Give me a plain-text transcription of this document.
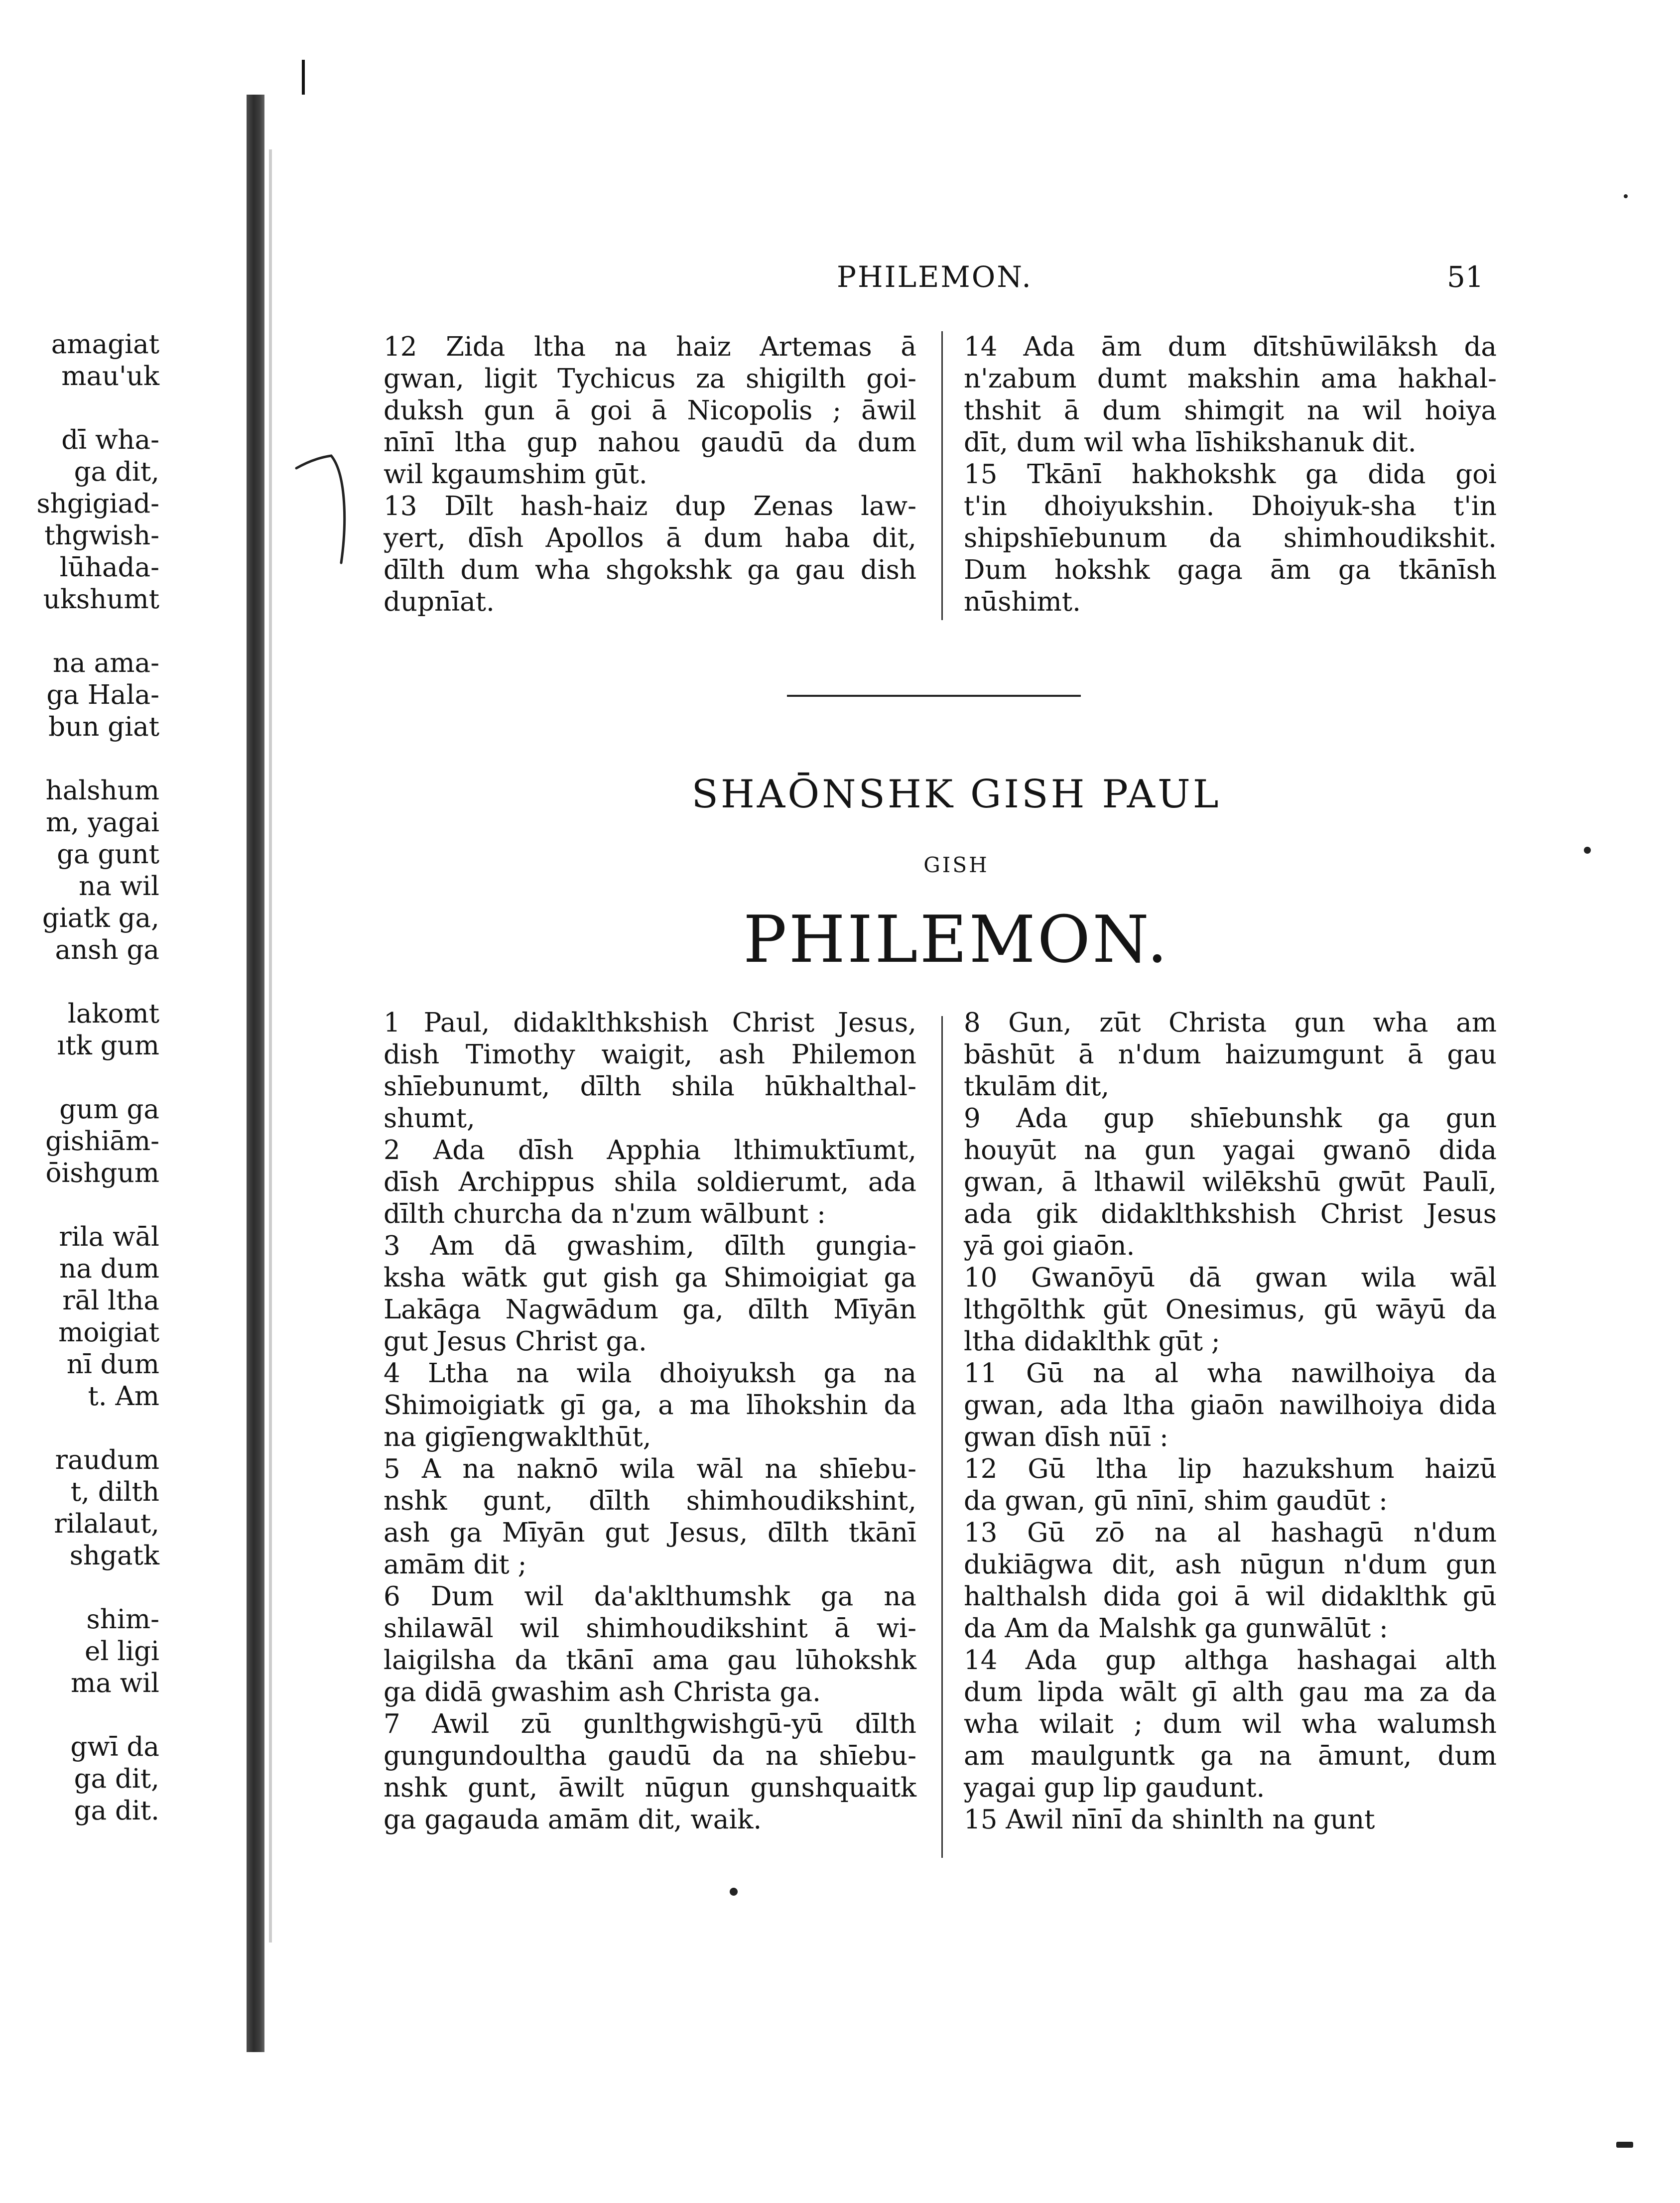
amagiat
mau'uk
dī wha-
ga dit,
shgigiad-
thgwish-
lūhada-
ukshumt
na ama-
ga Hala-
bun giat
halshum
m, yagai
ga gunt
na wil
giatk ga,
ansh ga
lakomt
ıtk gum
gum ga
gishiām-
ōishgum
rila wāl
na dum
rāl ltha
moigiat
nī dum
t. Am
raudum
t, dilth
rilalaut,
shgatk
shim-
el ligi
ma wil
gwī da
ga dit,
ga dit.
PHILEMON.	51

12 Zida ltha na haiz Artemas ā

gwan, ligit Tychicus za shigilth goi-

duksh gun ā goi ā Nicopolis ; āwil

nīnī ltha gup nahou gaudū da dum

wil kgaumshim gūt.

13 Dīlt hash-haiz dup Zenas law-

yert, dīsh Apollos ā dum haba dit,

dīlth dum wha shgokshk ga gau dish

dupnīat.

14 Ada ām dum dītshūwilāksh da

n'zabum dumt makshin ama hakhal-

thshit ā dum shimgit na wil hoiya

dīt, dum wil wha līshikshanuk dit.

15 Tkānī hakhokshk ga dida goi

t'in dhoiyukshin. Dhoiyuk-sha t'in

shipshīebunum da shimhoudikshit.

Dum hokshk gaga ām ga tkānīsh

nūshimt.

SHAŌNSHK GISH PAUL
GISH
PHILEMON.

1 Paul, didaklthkshish Christ Jesus,

dish Timothy waigit, ash Philemon

shīebunumt, dīlth shila hūkhalthal-

shumt,

2 Ada dīsh Apphia lthimuktīumt,

dīsh Archippus shila soldierumt, ada

dīlth churcha da n'zum wālbunt :

3 Am dā gwashim, dīlth gungia-

ksha wātk gut gish ga Shimoigiat ga

Lakāga Nagwādum ga, dīlth Mīyān

gut Jesus Christ ga.

4 Ltha na wila dhoiyuksh ga na

Shimoigiatk gī ga, a ma līhokshin da

na gigīengwaklthūt,

5 A na naknō wila wāl na shīebu-

nshk gunt, dīlth shimhoudikshint,

ash ga Mīyān gut Jesus, dīlth tkānī

amām dit ;

6 Dum wil da'aklthumshk ga na

shilawāl wil shimhoudikshint ā wi-

laigilsha da tkānī ama gau lūhokshk

ga didā gwashim ash Christa ga.

7 Awil zū gunlthgwishgū-yū dīlth

gungundoultha gaudū da na shīebu-

nshk gunt, āwilt nūgun gunshquaitk

ga gagauda amām dit, waik.

8 Gun, zūt Christa gun wha am

bāshūt ā n'dum haizumgunt ā gau

tkulām dit,

9 Ada gup shīebunshk ga gun

houyūt na gun yagai gwanō dida

gwan, ā lthawil wilēkshū gwūt Paulī,

ada gik didaklthkshish Christ Jesus

yā goi giaōn.

10 Gwanōyū dā gwan wila wāl

lthgōlthk gūt Onesimus, gū wāyū da

ltha didaklthk gūt ;

11 Gū na al wha nawilhoiya da

gwan, ada ltha giaōn nawilhoiya dida

gwan dīsh nūī :

12 Gū ltha lip hazukshum haizū

da gwan, gū nīnī, shim gaudūt :

13 Gū zō na al hashagū n'dum

dukiāgwa dit, ash nūgun n'dum gun

halthalsh dida goi ā wil didaklthk gū

da Am da Malshk ga gunwālūt :

14 Ada gup althga hashagai alth

dum lipda wālt gī alth gau ma za da

wha wilait ; dum wil wha walumsh

am maulguntk ga na āmunt, dum

yagai gup lip gaudunt.

15 Awil nīnī da shinlth na gunt
